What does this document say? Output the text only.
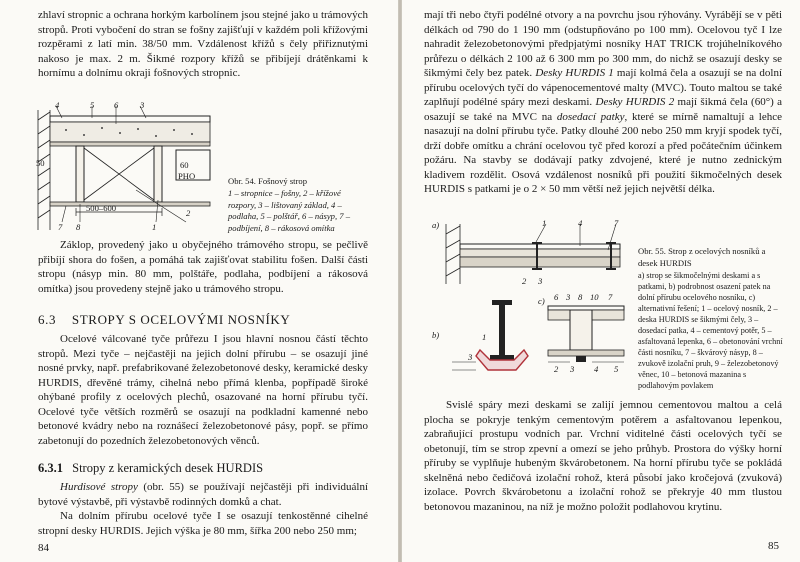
zhlaví stropnic a ochrana horkým karbolínem jsou stejné jako u trámových stropů. Proti vybočení do stran se fošny zajišťují v každém poli křížovými rozpěrami z latí min. 38/50 mm. Vzdálenost křížů s čely přiřiznutými nakoso je max. 2 m. Šikmé rozpory křížů se přibíjejí drátěnkami k hornímu a dolnímu okraji fošnových stropnic.

4	5 6	3
50	60
PHO
500–600
7 8	1
2

Obr. 54. Fošnový strop

1 – stropnice – fošny, 2 – křížové rozpory, 3 – lištovaný základ, 4 – podlaha, 5 – polštář, 6 – násyp, 7 – podbíjení, 8 – rákosová omítka

Záklop, provedený jako u obyčejného trámového stropu, se pečlivě přibíjí shora do fošen, a pomáhá tak zajišťovat stabilitu fošen. Další části stropu (násyp min. 80 mm, polštáře, podlaha, podbíjení a rákosová omítka) jsou provedeny stejně jako u trámového stropu.

6.3 STROPY S OCELOVÝMI NOSNÍKY

Ocelové válcované tyče průřezu I jsou hlavní nosnou částí těchto stropů. Mezi tyče – nejčastěji na jejich dolní přírubu – se osazují jiné nosné prvky, např. prefabrikované železobetonové desky, keramické desky HURDIS, dřevěné trámy, cihelná nebo přímá klenba, popřípadě široké ohýbané profily z ocelových plechů, osazované na horní přírubu tyčí. Ocelové tyče větších rozměrů se osazují na podkladní kamenné nebo betonové kvádry nebo na roznášecí železobetonové pásy, popř. se přímo zabetonují do pozedních železobetonových věnců.

6.3.1 Stropy z keramických desek HURDIS

Hurdisové stropy (obr. 55) se používají nejčastěji při individuální bytové výstavbě, při výstavbě rodinných domků a chat.

Na dolním přírubu ocelové tyče I se osazují tenkostěnné cihelné stropní desky HURDIS. Jejich výška je 80 mm, šířka 200 nebo 250 mm;

84

mají tři nebo čtyři podélné otvory a na povrchu jsou rýhovány. Vyrábějí se v pěti délkách od 790 do 1 190 mm (odstupňováno po 100 mm). Ocelovou tyč I lze nahradit železobetonovými předpjatými nosníky HAT TRICK trojúhelníkového průřezu o délkách 2 100 až 6 300 mm po 300 mm, do nichž se osazují desky se šikmými čely bez patek. Desky HURDIS 1 mají kolmá čela a osazují se na dolní přírubu ocelových tyčí do vápenocementové malty (MVC). Touto maltou se také zaplňují podélné spáry mezi deskami. Desky HURDIS 2 mají šikmá čela (60°) a osazují se také na MVC na dosedací patky, které se mírně namaltují a lehce nasazují na dolní přírubu tyče. Patky dlouhé 200 nebo 250 mm kryjí spodek tyčí, drží dobře omítku a chrání ocelovou tyč před korozí a před počátečním účinkem požáru. Na stavby se dodávají patky zdvojené, které je nutno zednickým kladivem rozdělit. Osová vzdálenost nosníků při použití šikmočelných desek HURDIS s patkami je o 2 × 50 mm větší než jejich největší délka.

a)
b)
c)
1	4	7
2 3
6 3 8 10 7
2 3 4 5
1
3

Obr. 55. Strop z ocelových nosníků a desek HURDIS

a) strop se šikmočelnými deskami a s patkami, b) podrobnost osazení patek na dolní přírubu ocelového nosníku, c) alternativní řešení; 1 – ocelový nosník, 2 – deska HURDIS se šikmými čely, 3 – dosedací patka, 4 – cementový potěr, 5 – asfaltovaná lepenka, 6 – obetonování vrchní části nosníku, 7 – škvárový násyp, 8 – zvukově izolační pruh, 9 – železobetonový věnec, 10 – betonová mazanina s podlahovým povlakem

Svislé spáry mezi deskami se zalijí jemnou cementovou maltou a celá plocha se pokryje tenkým cementovým potěrem a asfaltovanou lepenkou, zabraňující prostupu vodních par. Vrchní viditelné části ocelových tyčí se obetonují, tím se strop zpevní a omezí se jeho průhyb. Prostora do výšky horní příruby se vyplňuje hubeným škvárobetonem. Na horní přírubu tyče se pokládá skelněná nebo čedičová izolační rohož, která působí jako kročejová (zvuková) izolace. Povrch škvárobetonu a izolační rohož se překryje 40 mm tlustou betonovou mazaninou, na níž je možno položit podlahovou krytinu.

85
